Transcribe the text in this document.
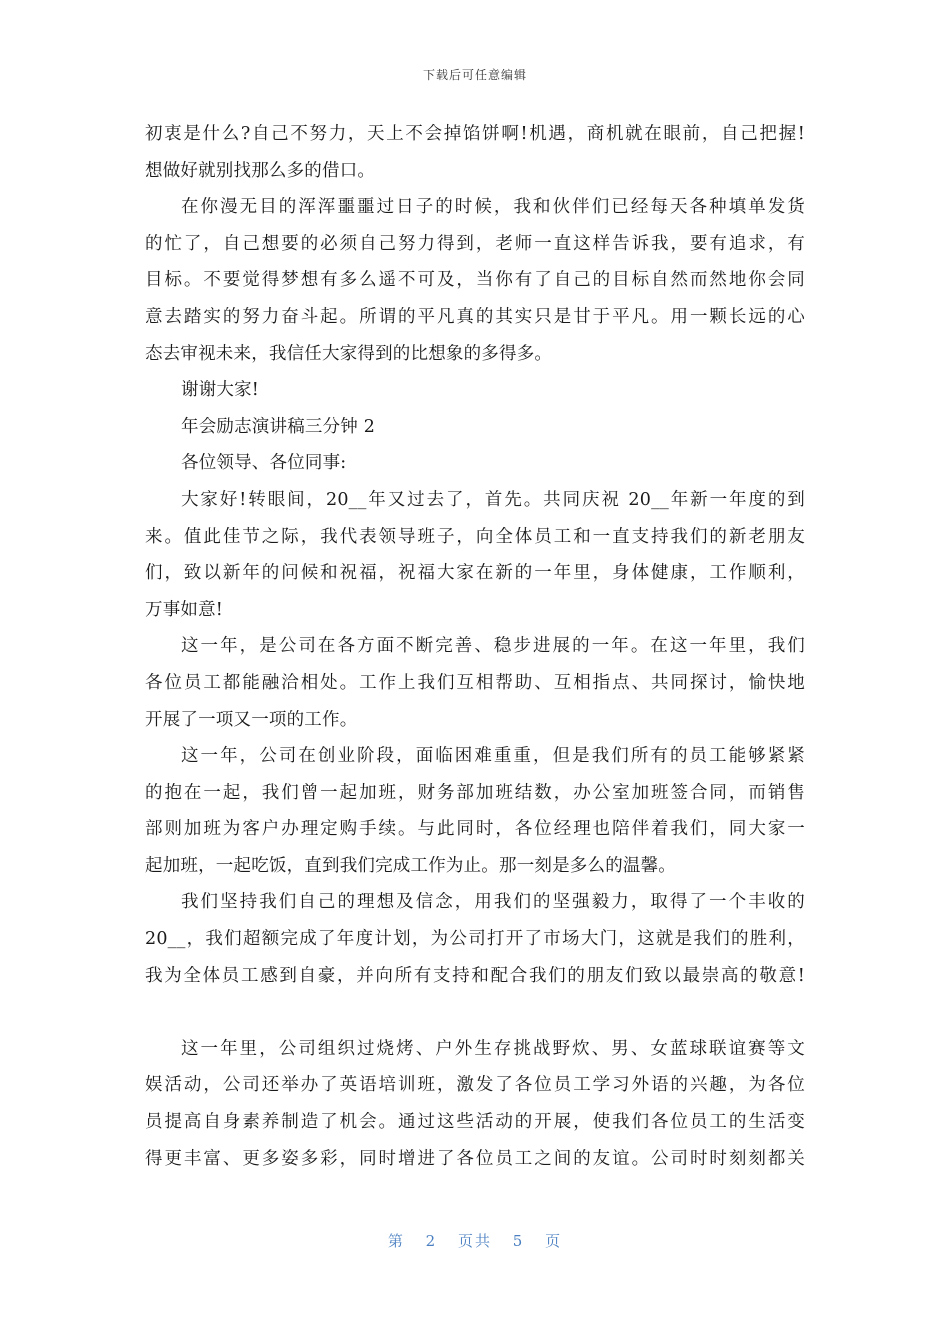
下载后可任意编辑
初衷是什么?自己不努力，天上不会掉馅饼啊!机遇，商机就在眼前，自己把握!
想做好就别找那么多的借口。
在你漫无目的浑浑噩噩过日子的时候，我和伙伴们已经每天各种填单发货
的忙了，自己想要的必须自己努力得到，老师一直这样告诉我，要有追求，有
目标。不要觉得梦想有多么遥不可及，当你有了自己的目标自然而然地你会同
意去踏实的努力奋斗起。所谓的平凡真的其实只是甘于平凡。用一颗长远的心
态去审视未来，我信任大家得到的比想象的多得多。
谢谢大家!
年会励志演讲稿三分钟 2
各位领导、各位同事:
大家好!转眼间，20__年又过去了，首先。共同庆祝 20__年新一年度的到
来。值此佳节之际，我代表领导班子，向全体员工和一直支持我们的新老朋友
们，致以新年的问候和祝福，祝福大家在新的一年里，身体健康，工作顺利，
万事如意!
这一年，是公司在各方面不断完善、稳步进展的一年。在这一年里，我们
各位员工都能融洽相处。工作上我们互相帮助、互相指点、共同探讨，愉快地
开展了一项又一项的工作。
这一年，公司在创业阶段，面临困难重重，但是我们所有的员工能够紧紧
的抱在一起，我们曾一起加班，财务部加班结数，办公室加班签合同，而销售
部则加班为客户办理定购手续。与此同时，各位经理也陪伴着我们，同大家一
起加班，一起吃饭，直到我们完成工作为止。那一刻是多么的温馨。
我们坚持我们自己的理想及信念，用我们的坚强毅力，取得了一个丰收的
20__，我们超额完成了年度计划，为公司打开了市场大门，这就是我们的胜利，
我为全体员工感到自豪，并向所有支持和配合我们的朋友们致以最崇高的敬意!
这一年里，公司组织过烧烤、户外生存挑战野炊、男、女蓝球联谊赛等文
娱活动，公司还举办了英语培训班，激发了各位员工学习外语的兴趣，为各位
员提高自身素养制造了机会。通过这些活动的开展，使我们各位员工的生活变
得更丰富、更多姿多彩，同时增进了各位员工之间的友谊。公司时时刻刻都关
第 2 页共 5 页
